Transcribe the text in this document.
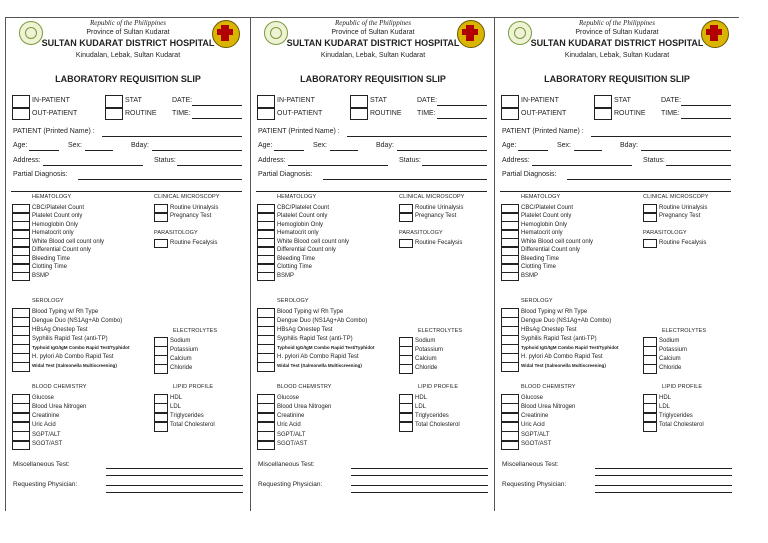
Republic of the Philippines
Province of Sultan Kudarat
SULTAN KUDARAT DISTRICT HOSPITAL
Kinudalan, Lebak, Sultan Kudarat
LABORATORY REQUISITION SLIP
IN-PATIENT
OUT-PATIENT
STAT
ROUTINE
DATE:
TIME:
PATIENT (Printed Name) :
Age:	Sex:	Bday:
Address:	Status:
Partial Diagnosis:
HEMATOLOGY	CLINICAL MICROSCOPY
PARASITOLOGY
SEROLOGY
ELECTROLYTES
BLOOD CHEMISTRY	LIPID PROFILE
CBC/Platelet Count
Platelet Count only
Hemoglobin Only
Hematocrit only
White Blood cell count only
Differential Count only
Bleeding Time
Clotting Time
BSMP
Routine Urinalysis
Pregnancy Test
Routine Fecalysis
Blood Typing w/ Rh Type
Dengue Duo (NS1Ag+Ab Combo)
HBsAg Onestep Test
Syphilis Rapid Test (anti-TP)
Typhoid IgG/IgM Combo Rapid Test/Typhidot
H. pylori Ab Combo Rapid Test
Widal Test (Salmonella Multiscreening)
Sodium
Potassium
Calcium
Chloride
Glucose
Blood Urea Nitrogen
Creatinine
Uric Acid
SGPT/ALT
SGOT/AST
HDL
LDL
Triglycerides
Total Cholesterol
Miscellaneous Test:
Requesting Physician:
Republic of the Philippines
Province of Sultan Kudarat
SULTAN KUDARAT DISTRICT HOSPITAL
Kinudalan, Lebak, Sultan Kudarat
LABORATORY REQUISITION SLIP
IN-PATIENT
OUT-PATIENT
STAT
ROUTINE
DATE:
TIME:
PATIENT (Printed Name) :
Age:	Sex:	Bday:
Address:	Status:
Partial Diagnosis:
HEMATOLOGY	CLINICAL MICROSCOPY
PARASITOLOGY
SEROLOGY
ELECTROLYTES
BLOOD CHEMISTRY	LIPID PROFILE
CBC/Platelet Count
Platelet Count only
Hemoglobin Only
Hematocrit only
White Blood cell count only
Differential Count only
Bleeding Time
Clotting Time
BSMP
Routine Urinalysis
Pregnancy Test
Routine Fecalysis
Blood Typing w/ Rh Type
Dengue Duo (NS1Ag+Ab Combo)
HBsAg Onestep Test
Syphilis Rapid Test (anti-TP)
Typhoid IgG/IgM Combo Rapid Test/Typhidot
H. pylori Ab Combo Rapid Test
Widal Test (Salmonella Multiscreening)
Sodium
Potassium
Calcium
Chloride
Glucose
Blood Urea Nitrogen
Creatinine
Uric Acid
SGPT/ALT
SGOT/AST
HDL
LDL
Triglycerides
Total Cholesterol
Miscellaneous Test:
Requesting Physician:
Republic of the Philippines
Province of Sultan Kudarat
SULTAN KUDARAT DISTRICT HOSPITAL
Kinudalan, Lebak, Sultan Kudarat
LABORATORY REQUISITION SLIP
IN-PATIENT
OUT-PATIENT
STAT
ROUTINE
DATE:
TIME:
PATIENT (Printed Name) :
Age:	Sex:	Bday:
Address:	Status:
Partial Diagnosis:
HEMATOLOGY	CLINICAL MICROSCOPY
PARASITOLOGY
SEROLOGY
ELECTROLYTES
BLOOD CHEMISTRY	LIPID PROFILE
CBC/Platelet Count
Platelet Count only
Hemoglobin Only
Hematocrit only
White Blood cell count only
Differential Count only
Bleeding Time
Clotting Time
BSMP
Routine Urinalysis
Pregnancy Test
Routine Fecalysis
Blood Typing w/ Rh Type
Dengue Duo (NS1Ag+Ab Combo)
HBsAg Onestep Test
Syphilis Rapid Test (anti-TP)
Typhoid IgG/IgM Combo Rapid Test/Typhidot
H. pylori Ab Combo Rapid Test
Widal Test (Salmonella Multiscreening)
Sodium
Potassium
Calcium
Chloride
Glucose
Blood Urea Nitrogen
Creatinine
Uric Acid
SGPT/ALT
SGOT/AST
HDL
LDL
Triglycerides
Total Cholesterol
Miscellaneous Test:
Requesting Physician:
